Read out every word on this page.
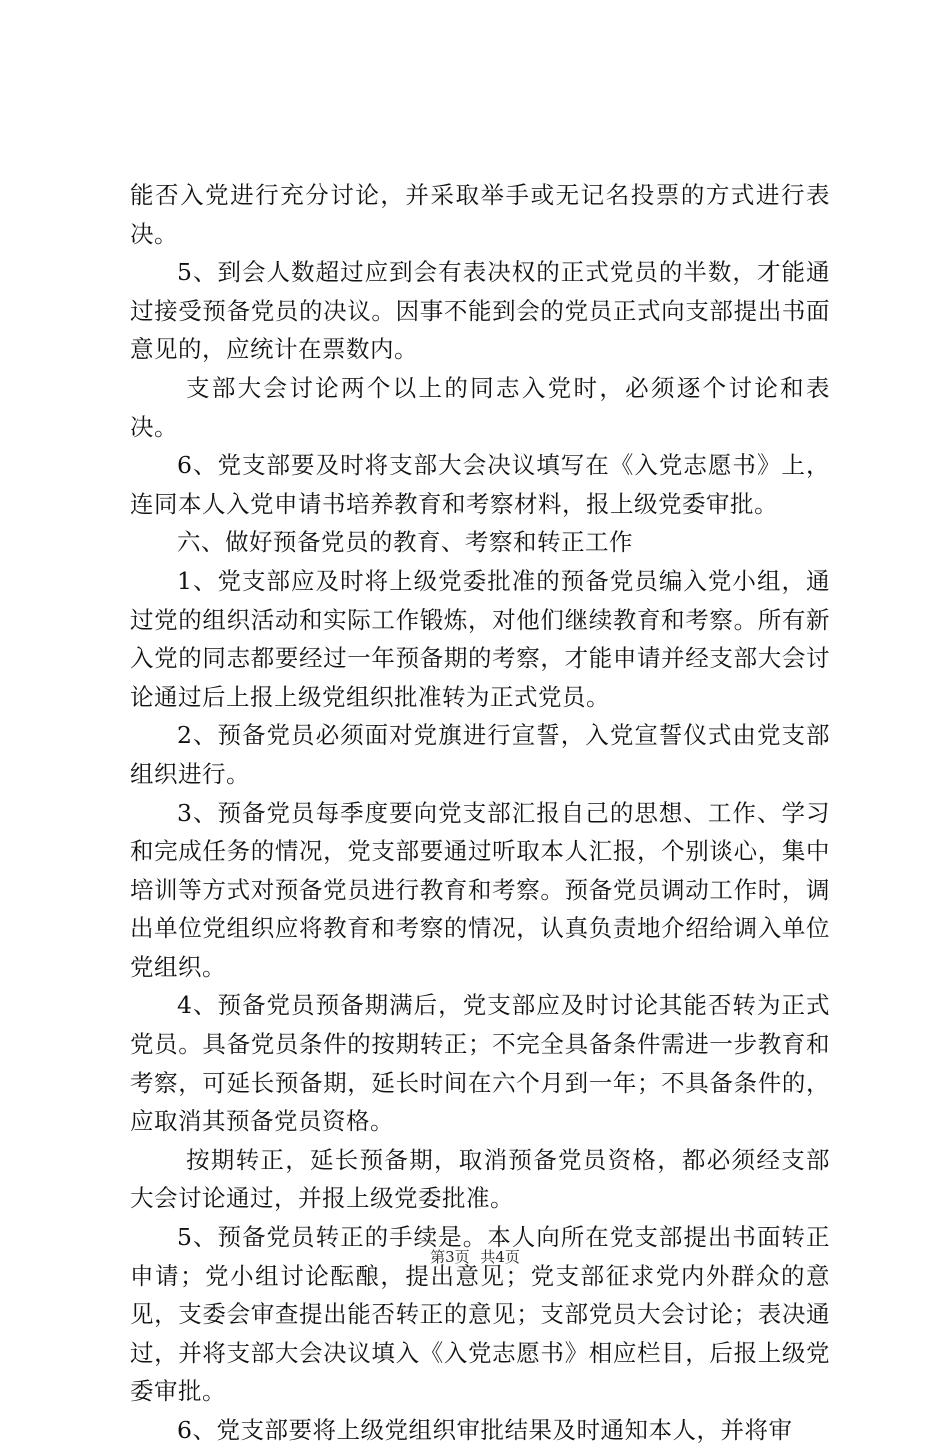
能否入党进行充分讨论，并采取举手或无记名投票的方式进行表决。

5、到会人数超过应到会有表决权的正式党员的半数，才能通过接受预备党员的决议。因事不能到会的党员正式向支部提出书面意见的，应统计在票数内。

支部大会讨论两个以上的同志入党时，必须逐个讨论和表决。

6、党支部要及时将支部大会决议填写在《入党志愿书》上，连同本人入党申请书培养教育和考察材料，报上级党委审批。

六、做好预备党员的教育、考察和转正工作

1、党支部应及时将上级党委批准的预备党员编入党小组，通过党的组织活动和实际工作锻炼，对他们继续教育和考察。所有新入党的同志都要经过一年预备期的考察，才能申请并经支部大会讨论通过后上报上级党组织批准转为正式党员。

2、预备党员必须面对党旗进行宣誓，入党宣誓仪式由党支部组织进行。

3、预备党员每季度要向党支部汇报自己的思想、工作、学习和完成任务的情况，党支部要通过听取本人汇报，个别谈心，集中培训等方式对预备党员进行教育和考察。预备党员调动工作时，调出单位党组织应将教育和考察的情况，认真负责地介绍给调入单位党组织。

4、预备党员预备期满后，党支部应及时讨论其能否转为正式党员。具备党员条件的按期转正；不完全具备条件需进一步教育和考察，可延长预备期，延长时间在六个月到一年；不具备条件的，应取消其预备党员资格。

按期转正，延长预备期，取消预备党员资格，都必须经支部大会讨论通过，并报上级党委批准。

5、预备党员转正的手续是。本人向所在党支部提出书面转正申请；党小组讨论酝酿，提出意见；党支部征求党内外群众的意见，支委会审查提出能否转正的意见；支部党员大会讨论；表决通过，并将支部大会决议填入《入党志愿书》相应栏目，后报上级党委审批。

6、党支部要将上级党组织审批结果及时通知本人，并将审

第3页 共4页
